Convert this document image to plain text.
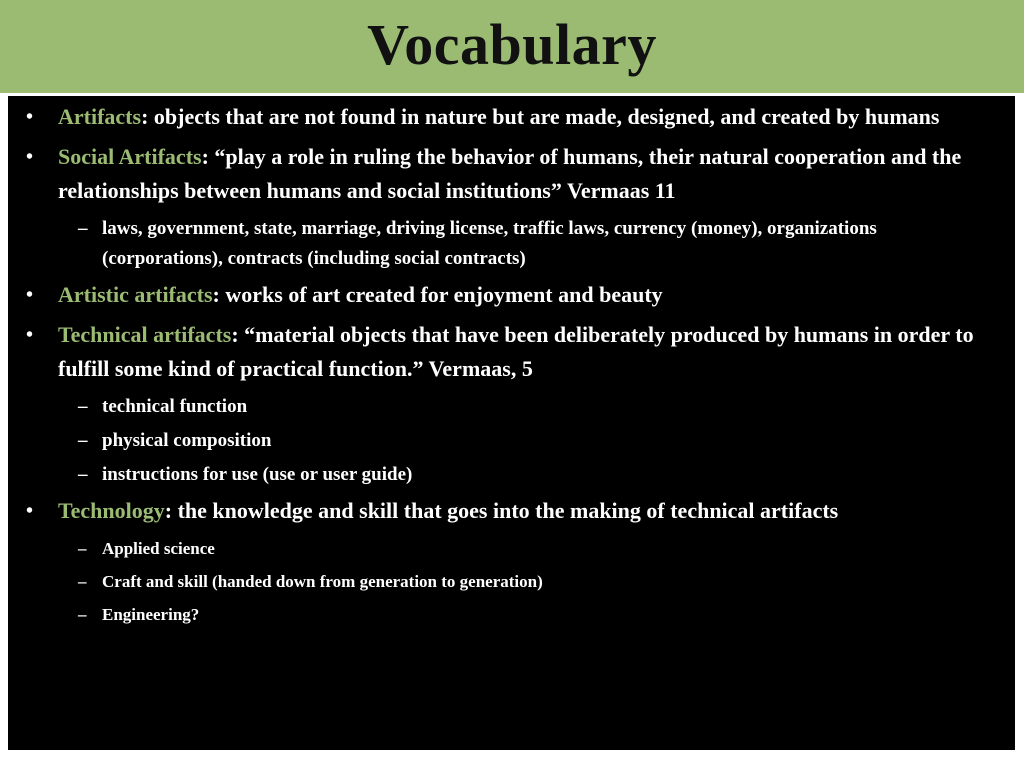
Vocabulary
• Artifacts: objects that are not found in nature but are made, designed, and created by humans
• Social Artifacts: “play a role in ruling the behavior of humans, their natural cooperation and the relationships between humans and social institutions” Vermaas 11
– laws, government, state, marriage, driving license, traffic laws, currency (money), organizations (corporations), contracts (including social contracts)
• Artistic artifacts: works of art created for enjoyment and beauty
• Technical artifacts: “material objects that have been deliberately produced by humans in order to fulfill some kind of practical function.” Vermaas, 5
– technical function
– physical composition
– instructions for use (use or user guide)
• Technology: the knowledge and skill that goes into the making of technical artifacts
– Applied science
– Craft and skill (handed down from generation to generation)
– Engineering?
